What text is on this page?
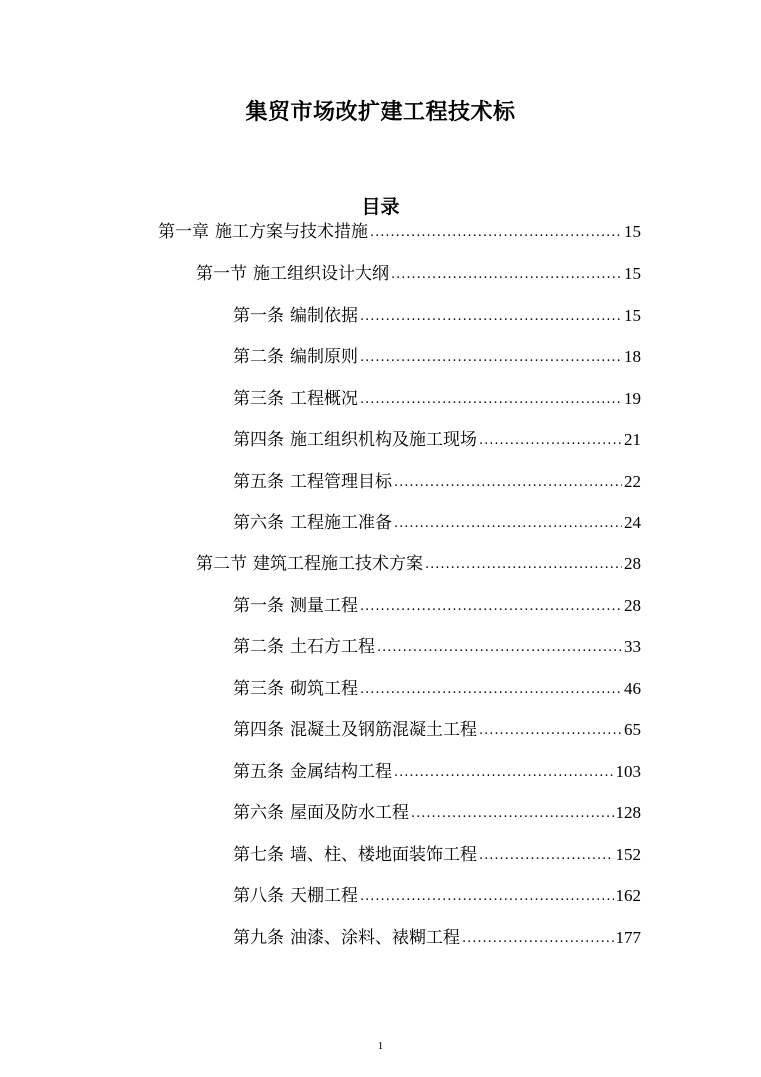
集贸市场改扩建工程技术标
目录
第一章 施工方案与技术措施 .....	15
第一节 施工组织设计大纲 .....	15
第一条 编制依据 .....	15
第二条 编制原则 .....	18
第三条 工程概况 .....	19
第四条 施工组织机构及施工现场 .....	21
第五条 工程管理目标 .....	22
第六条 工程施工准备 .....	24
第二节 建筑工程施工技术方案 .....	28
第一条 测量工程 .....	28
第二条 土石方工程 .....	33
第三条 砌筑工程 .....	46
第四条 混凝土及钢筋混凝土工程 .....	65
第五条 金属结构工程 .....	103
第六条 屋面及防水工程 .....	128
第七条 墙、柱、楼地面装饰工程 .....	152
第八条 天棚工程 .....	162
第九条 油漆、涂料、裱糊工程 .....	177
1
